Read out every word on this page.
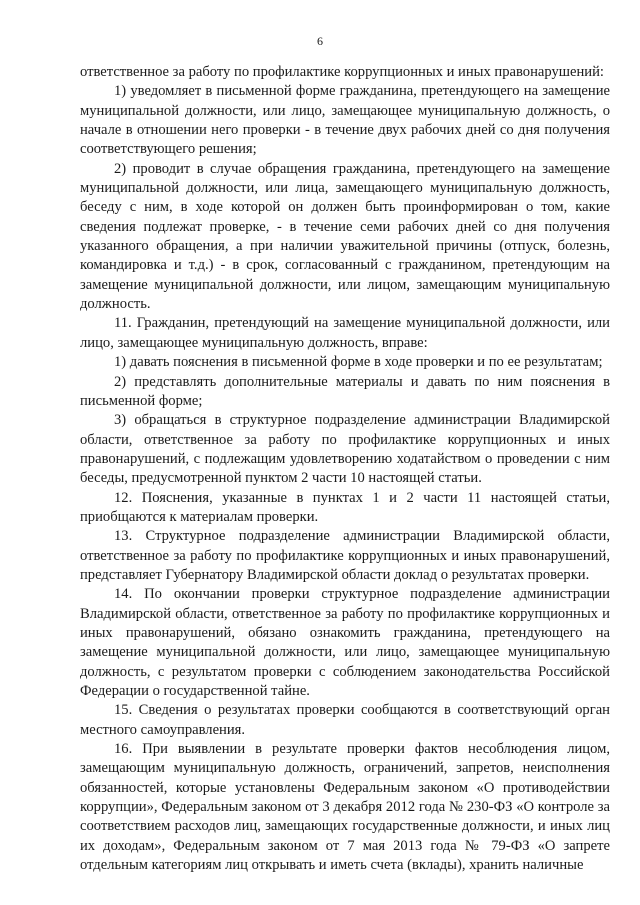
6

ответственное за работу по профилактике коррупционных и иных правонарушений:

1) уведомляет в письменной форме гражданина, претендующего на замещение муниципальной должности, или лицо, замещающее муниципальную должность, о начале в отношении него проверки - в течение двух рабочих дней со дня получения соответствующего решения;

2) проводит в случае обращения гражданина, претендующего на замещение муниципальной должности, или лица, замещающего муниципальную должность, беседу с ним, в ходе которой он должен быть проинформирован о том, какие сведения подлежат проверке, - в течение семи рабочих дней со дня получения указанного обращения, а при наличии уважительной причины (отпуск, болезнь, командировка и т.д.) - в срок, согласованный с гражданином, претендующим на замещение муниципальной должности, или лицом, замещающим муниципальную должность.

11. Гражданин, претендующий на замещение муниципальной должности, или лицо, замещающее муниципальную должность, вправе:

1) давать пояснения в письменной форме в ходе проверки и по ее результатам;

2) представлять дополнительные материалы и давать по ним пояснения в письменной форме;

3) обращаться в структурное подразделение администрации Владимирской области, ответственное за работу по профилактике коррупционных и иных правонарушений, с подлежащим удовлетворению ходатайством о проведении с ним беседы, предусмотренной пунктом 2 части 10 настоящей статьи.

12. Пояснения, указанные в пунктах 1 и 2 части 11 настоящей статьи, приобщаются к материалам проверки.

13. Структурное подразделение администрации Владимирской области, ответственное за работу по профилактике коррупционных и иных правонарушений, представляет Губернатору Владимирской области доклад о результатах проверки.

14. По окончании проверки структурное подразделение администрации Владимирской области, ответственное за работу по профилактике коррупционных и иных правонарушений, обязано ознакомить гражданина, претендующего на замещение муниципальной должности, или лицо, замещающее муниципальную должность, с результатом проверки с соблюдением законодательства Российской Федерации о государственной тайне.

15. Сведения о результатах проверки сообщаются в соответствующий орган местного самоуправления.

16. При выявлении в результате проверки фактов несоблюдения лицом, замещающим муниципальную должность, ограничений, запретов, неисполнения обязанностей, которые установлены Федеральным законом «О противодействии коррупции», Федеральным законом от 3 декабря 2012 года № 230-ФЗ «О контроле за соответствием расходов лиц, замещающих государственные должности, и иных лиц их доходам», Федеральным законом от 7 мая 2013 года № 79-ФЗ «О запрете отдельным категориям лиц открывать и иметь счета (вклады), хранить наличные
